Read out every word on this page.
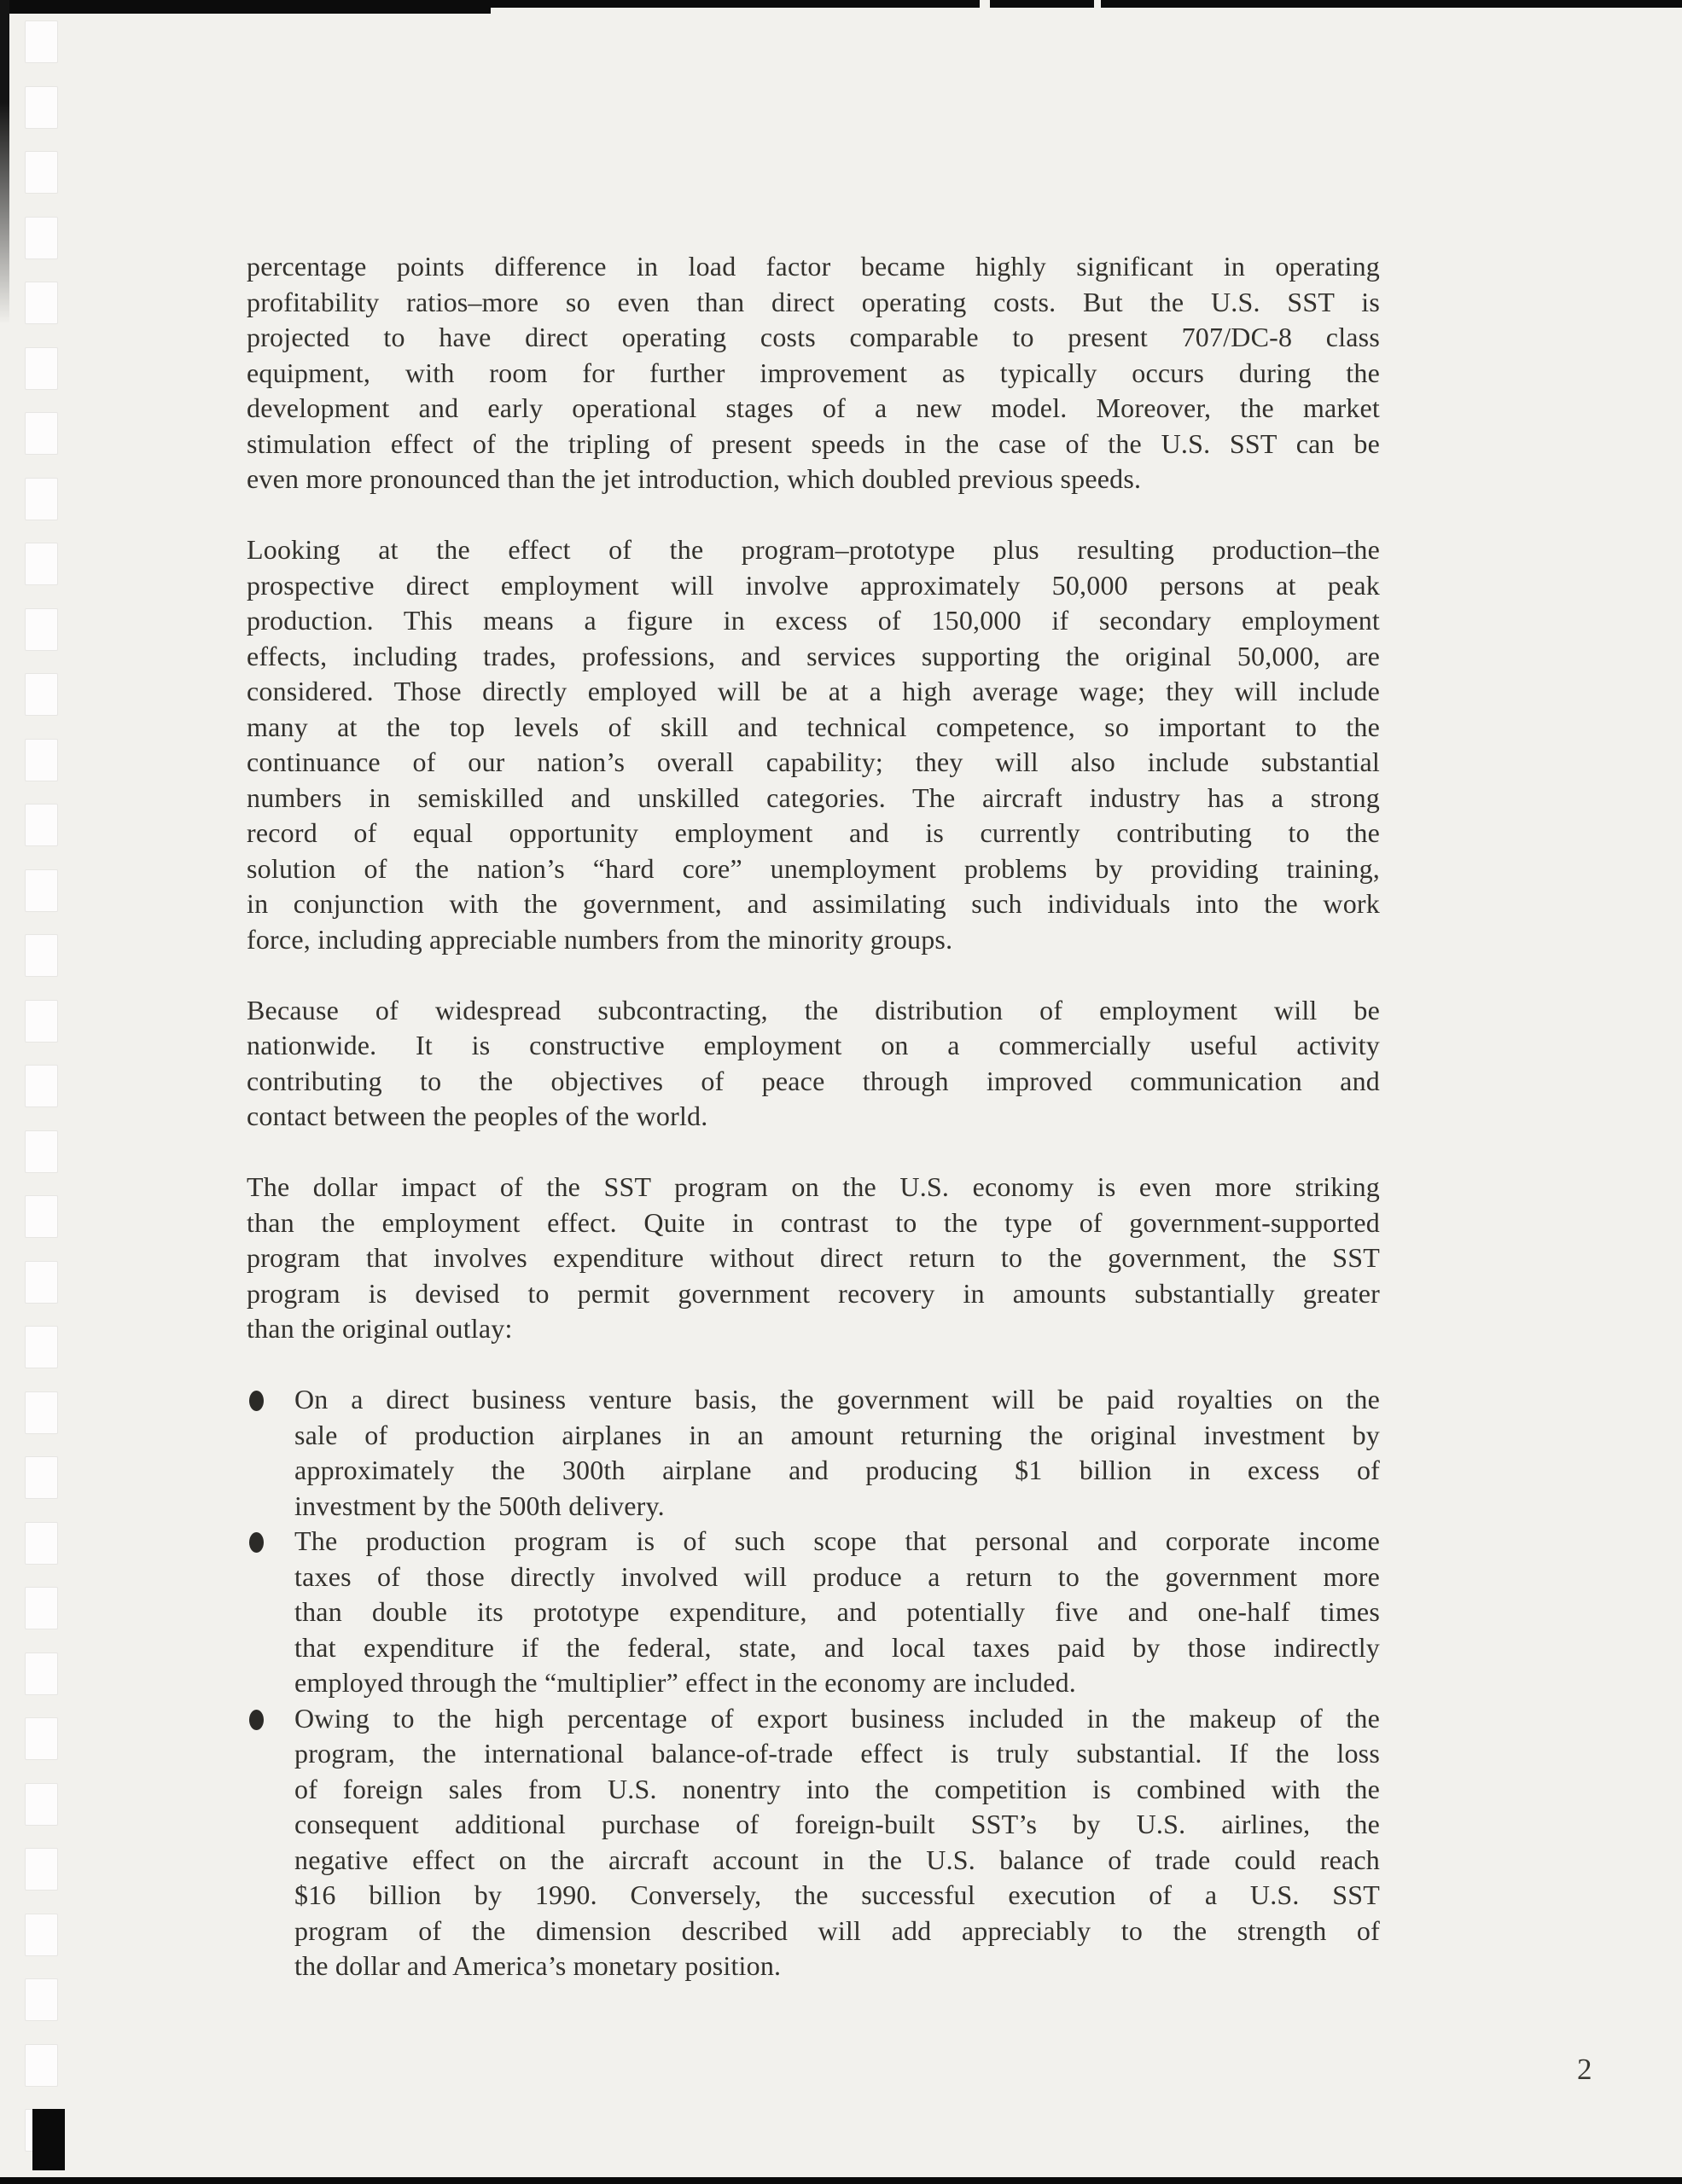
percentage points difference in load factor became highly significant in operating
profitability ratios–more so even than direct operating costs. But the U.S. SST is
projected to have direct operating costs comparable to present 707/DC-8 class
equipment, with room for further improvement as typically occurs during the
development and early operational stages of a new model. Moreover, the market
stimulation effect of the tripling of present speeds in the case of the U.S. SST can be
even more pronounced than the jet introduction, which doubled previous speeds.
Looking at the effect of the program–prototype plus resulting production–the
prospective direct employment will involve approximately 50,000 persons at peak
production. This means a figure in excess of 150,000 if secondary employment
effects, including trades, professions, and services supporting the original 50,000, are
considered. Those directly employed will be at a high average wage; they will include
many at the top levels of skill and technical competence, so important to the
continuance of our nation’s overall capability; they will also include substantial
numbers in semiskilled and unskilled categories. The aircraft industry has a strong
record of equal opportunity employment and is currently contributing to the
solution of the nation’s “hard core” unemployment problems by providing training,
in conjunction with the government, and assimilating such individuals into the work
force, including appreciable numbers from the minority groups.
Because of widespread subcontracting, the distribution of employment will be
nationwide. It is constructive employment on a commercially useful activity
contributing to the objectives of peace through improved communication and
contact between the peoples of the world.
The dollar impact of the SST program on the U.S. economy is even more striking
than the employment effect. Quite in contrast to the type of government-supported
program that involves expenditure without direct return to the government, the SST
program is devised to permit government recovery in amounts substantially greater
than the original outlay:
On a direct business venture basis, the government will be paid royalties on the
sale of production airplanes in an amount returning the original investment by
approximately the 300th airplane and producing $1 billion in excess of
investment by the 500th delivery.
The production program is of such scope that personal and corporate income
taxes of those directly involved will produce a return to the government more
than double its prototype expenditure, and potentially five and one-half times
that expenditure if the federal, state, and local taxes paid by those indirectly
employed through the “multiplier” effect in the economy are included.
Owing to the high percentage of export business included in the makeup of the
program, the international balance-of-trade effect is truly substantial. If the loss
of foreign sales from U.S. nonentry into the competition is combined with the
consequent additional purchase of foreign-built SST’s by U.S. airlines, the
negative effect on the aircraft account in the U.S. balance of trade could reach
$16 billion by 1990. Conversely, the successful execution of a U.S. SST
program of the dimension described will add appreciably to the strength of
the dollar and America’s monetary position.
2
